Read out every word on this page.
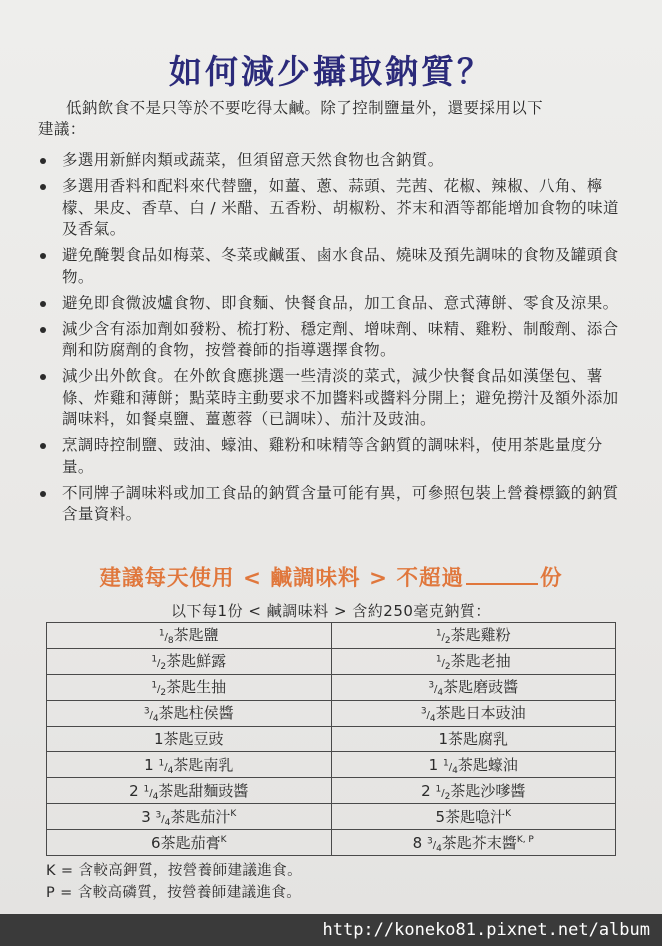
如何減少攝取鈉質？
低鈉飲食不是只等於不要吃得太鹹。除了控制鹽量外，還要採用以下
建議：
多選用新鮮肉類或蔬菜，但須留意天然食物也含鈉質。
多選用香料和配料來代替鹽，如薑、蔥、蒜頭、芫茜、花椒、辣椒、八角、檸檬、果皮、香草、白 / 米醋、五香粉、胡椒粉、芥末和酒等都能增加食物的味道及香氣。
避免醃製食品如梅菜、冬菜或鹹蛋、鹵水食品、燒味及預先調味的食物及罐頭食物。
避免即食微波爐食物、即食麵、快餐食品，加工食品、意式薄餅、零食及涼果。
減少含有添加劑如發粉、梳打粉、穩定劑、增味劑、味精、雞粉、制酸劑、添合劑和防腐劑的食物，按營養師的指導選擇食物。
減少出外飲食。在外飲食應挑選一些清淡的菜式，減少快餐食品如漢堡包、薯條、炸雞和薄餅；點菜時主動要求不加醬料或醬料分開上；避免撈汁及額外添加調味料，如餐桌鹽、薑蔥蓉（已調味）、茄汁及豉油。
烹調時控制鹽、豉油、蠔油、雞粉和味精等含鈉質的調味料，使用茶匙量度分量。
不同牌子調味料或加工食品的鈉質含量可能有異，可參照包裝上營養標籤的鈉質含量資料。
建議每天使用 < 鹹調味料 > 不超過	份
以下每1份 < 鹹調味料 > 含約250毫克鈉質：
1/8茶匙鹽	1/2茶匙雞粉
1/2茶匙鮮露	1/2茶匙老抽
1/2茶匙生抽	3/4茶匙磨豉醬
3/4茶匙柱侯醬	3/4茶匙日本豉油
1茶匙豆豉	1茶匙腐乳
1 1/4茶匙南乳	1 1/4茶匙蠔油
2 1/4茶匙甜麵豉醬	2 1/2茶匙沙嗲醬
3 3/4茶匙茄汁$^K$	5茶匙喼汁$^K$
6茶匙茄膏$^K$	8 3/4茶匙芥末醬$^{K, P}$
K = 含較高鉀質，按營養師建議進食。
P = 含較高磷質，按營養師建議進食。
http://koneko81.pixnet.net/album
